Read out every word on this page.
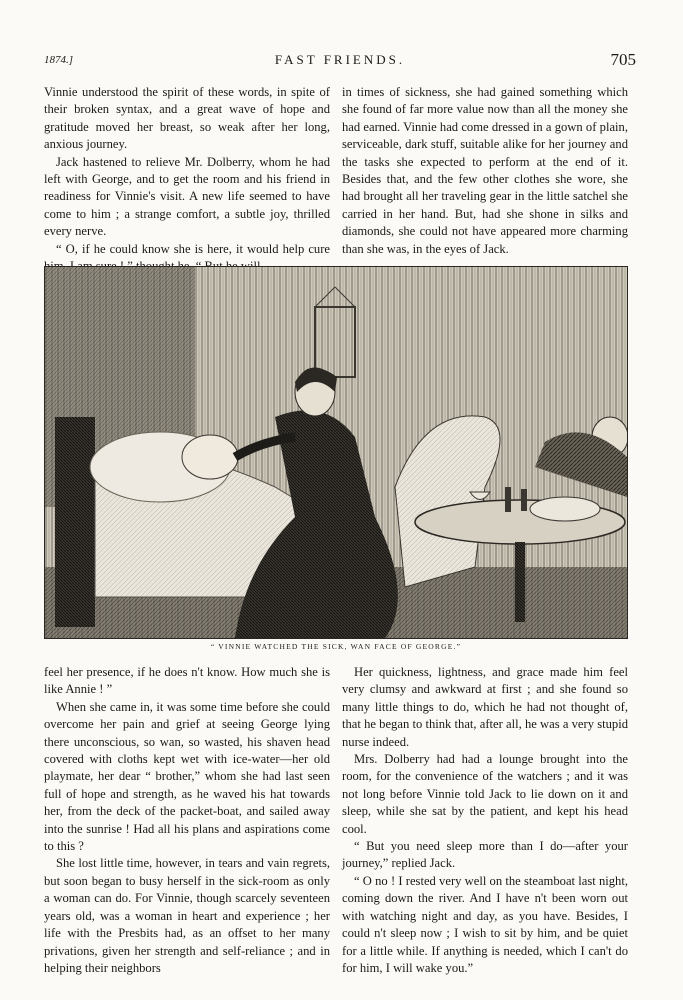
1874.]	FAST FRIENDS.	705

Vinnie understood the spirit of these words, in spite of their broken syntax, and a great wave of hope and gratitude moved her breast, so weak after her long, anxious journey.

Jack hastened to relieve Mr. Dolberry, whom he had left with George, and to get the room and his friend in readiness for Vinnie's visit. A new life seemed to have come to him ; a strange comfort, a subtle joy, thrilled every nerve.

“ O, if he could know she is here, it would help cure

in times of sickness, she had gained something which she found of far more value now than all the money she had earned. Vinnie had come dressed in a gown of plain, serviceable, dark stuff, suitable alike for her journey and the tasks she expected to perform at the end of it. Besides that, and the few other clothes she wore, she had brought all her traveling gear in the little satchel she carried in her hand. But, had she shone in silks and diamonds, she could not have appeared more charming than she was, in the eyes of Jack.

“ VINNIE WATCHED THE SICK, WAN FACE OF GEORGE.”

feel her presence, if he does n't know. How much she is like Annie ! ”

When she came in, it was some time before she could overcome her pain and grief at seeing George lying there unconscious, so wan, so wasted, his shaven head covered with cloths kept wet with ice-water—her old playmate, her dear “ brother,” whom she had last seen full of hope and strength, as he waved his hat towards her, from the deck of the packet-boat, and sailed away into the sunrise ! Had all his plans and aspirations come to this ?

She lost little time, however, in tears and vain regrets, but soon began to busy herself in the sick-room as only a woman can do. For Vinnie, though scarcely seventeen years old, was a woman in heart and experience ; her life with the Presbits had, as an offset to her many privations, given her strength and self-reliance ; and in helping their neighbors

Her quickness, lightness, and grace made him feel very clumsy and awkward at first ; and she found so many little things to do, which he had not thought of, that he began to think that, after all, he was a very stupid nurse indeed.

Mrs. Dolberry had had a lounge brought into the room, for the convenience of the watchers ; and it was not long before Vinnie told Jack to lie down on it and sleep, while she sat by the patient, and kept his head cool.

“ But you need sleep more than I do—after your journey,” replied Jack.

“ O no ! I rested very well on the steamboat last night, coming down the river. And I have n't been worn out with watching night and day, as you have. Besides, I could n't sleep now ; I wish to sit by him, and be quiet for a little while. If anything is needed, which I can't do for him, I will wake you.”
